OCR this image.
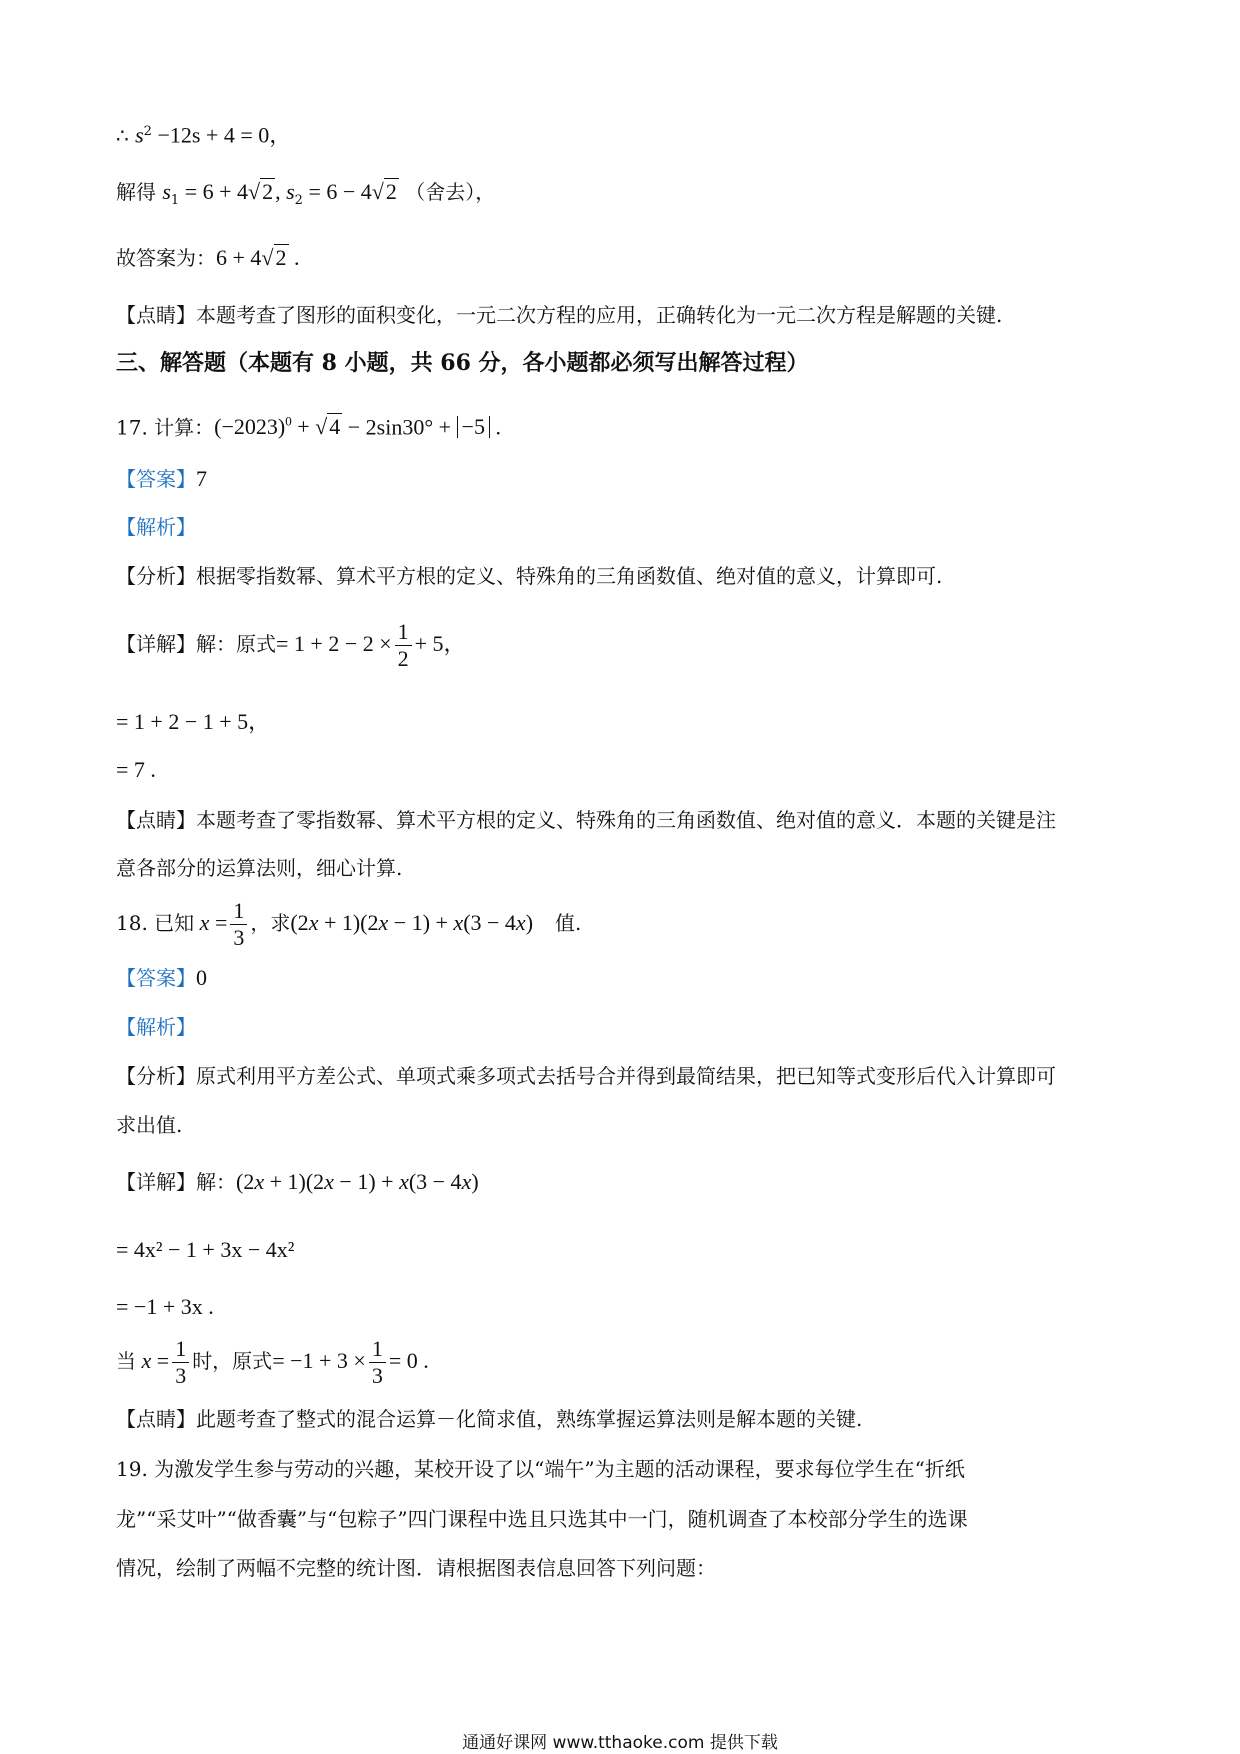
∴ $s^2 -12s + 4 = 0$，
解得 $s_1 = 6 + 4√2$, $s_2 = 6 - 4√2$ （舍去），
故答案为：6 + 4√2 .
【点睛】本题考查了图形的面积变化，一元二次方程的应用，正确转化为一元二次方程是解题的关键.
三、解答题（本题有 8 小题，共 66 分，各小题都必须写出解答过程）
17. 计算：$(-2023)^0 + √4 - 2\sin 30^\circ + -5$ .
【答案】7
【解析】
【分析】根据零指数幂、算术平方根的定义、特殊角的三角函数值、绝对值的意义，计算即可.
【详解】解：原式= $1 + 2 - 2 \times \frac{1}{2} + 5$，
= 1 + 2 − 1 + 5，
= 7 .
【点睛】本题考查了零指数幂、算术平方根的定义、特殊角的三角函数值、绝对值的意义．本题的关键是注
意各部分的运算法则，细心计算.
18. 已知 $x = \frac{1}{3}$ ，求(2x + 1)(2x − 1) + x(3 − 4x) 值.
【答案】0
【解析】
【分析】原式利用平方差公式、单项式乘多项式去括号合并得到最简结果，把已知等式变形后代入计算即可
求出值.
【详解】解：(2x + 1)(2x − 1) + x(3 − 4x)
= 4x² − 1 + 3x − 4x²
= −1 + 3x .
当 $x = \frac{1}{3}$ 时，原式= $-1 + 3 \times \frac{1}{3} = 0$ .
【点睛】此题考查了整式的混合运算－化简求值，熟练掌握运算法则是解本题的关键.
19. 为激发学生参与劳动的兴趣，某校开设了以“端午”为主题的活动课程，要求每位学生在“折纸
龙”“采艾叶”“做香囊”与“包粽子”四门课程中选且只选其中一门，随机调查了本校部分学生的选课
情况，绘制了两幅不完整的统计图．请根据图表信息回答下列问题：
通通好课网 www.tthaoke.com 提供下载
